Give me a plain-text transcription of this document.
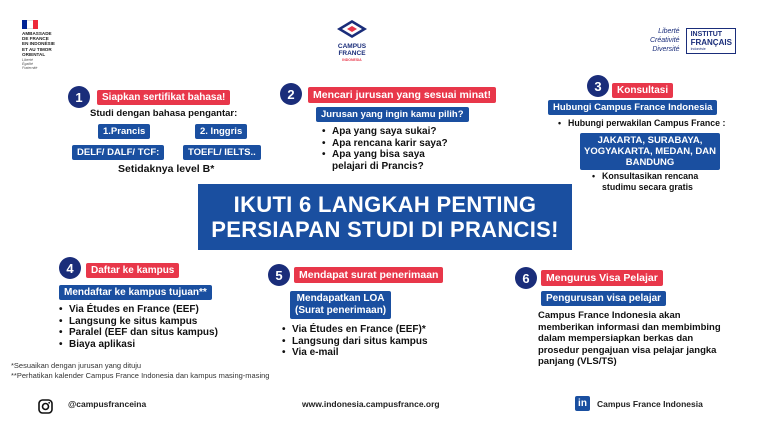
AMBASSADE
DE FRANCE
EN INDONÉSIE
ET AU TIMOR
ORIENTAL
Liberté
Égalité
Fraternité
CAMPUS
FRANCE
INDONESIA
Liberté
Créativité
Diversité
INSTITUT
FRANÇAIS
Indonésie
1	Siapkan sertifikat bahasa!
Studi dengan bahasa pengantar:
1.Prancis	2. Inggris
DELF/ DALF/ TCF:	TOEFL/ IELTS..
Setidaknya level B*
2	Mencari jurusan yang sesuai minat!
Jurusan yang ingin kamu pilih?
• Apa yang saya sukai?
• Apa rencana karir saya?
• Apa yang bisa saya pelajari di Prancis?
3	Konsultasi
Hubungi Campus France Indonesia
• Hubungi perwakilan Campus France :
JAKARTA, SURABAYA, YOGYAKARTA, MEDAN, DAN BANDUNG
• Konsultasikan rencana studimu secara gratis
IKUTI 6 LANGKAH PENTING
PERSIAPAN STUDI DI PRANCIS!
4	Daftar ke kampus
Mendaftar ke kampus tujuan**
• Via Études en France (EEF)
• Langsung ke situs kampus
• Paralel (EEF dan situs kampus)
• Biaya aplikasi
5	Mendapat surat penerimaan
Mendapatkan LOA
(Surat penerimaan)
• Via Études en France (EEF)*
• Langsung dari situs kampus
• Via e-mail
6	Mengurus Visa Pelajar
Pengurusan visa pelajar
Campus France Indonesia akan memberikan informasi dan membimbing dalam mempersiapkan berkas dan prosedur pengajuan visa pelajar jangka panjang (VLS/TS)
*Sesuaikan dengan jurusan yang dituju
**Perhatikan kalender Campus France Indonesia dan kampus masing-masing
@campusfranceina	www.indonesia.campusfrance.org	in	Campus France Indonesia
